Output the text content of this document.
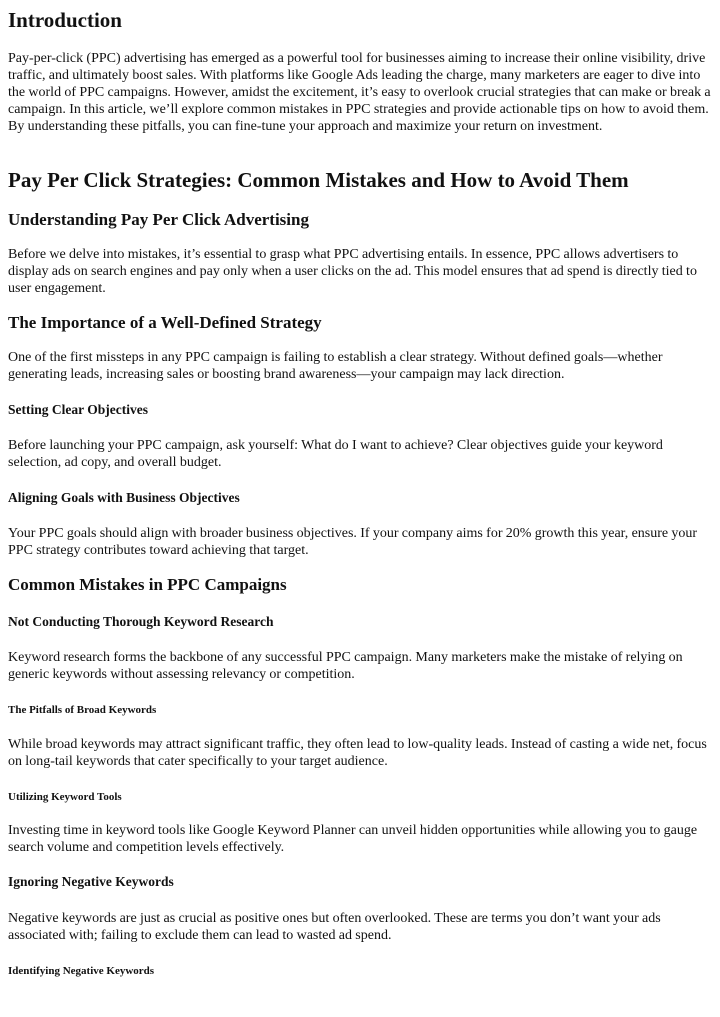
Introduction

Pay-per-click (PPC) advertising has emerged as a powerful tool for businesses aiming to increase their online visibility, drive traffic, and ultimately boost sales. With platforms like Google Ads leading the charge, many marketers are eager to dive into the world of PPC campaigns. However, amidst the excitement, it’s easy to overlook crucial strategies that can make or break a campaign. In this article, we’ll explore common mistakes in PPC strategies and provide actionable tips on how to avoid them. By understanding these pitfalls, you can fine-tune your approach and maximize your return on investment.

Pay Per Click Strategies: Common Mistakes and How to Avoid Them
Understanding Pay Per Click Advertising

Before we delve into mistakes, it’s essential to grasp what PPC advertising entails. In essence, PPC allows advertisers to display ads on search engines and pay only when a user clicks on the ad. This model ensures that ad spend is directly tied to user engagement.

The Importance of a Well-Defined Strategy

One of the first missteps in any PPC campaign is failing to establish a clear strategy. Without defined goals—whether generating leads, increasing sales or boosting brand awareness—your campaign may lack direction.

Setting Clear Objectives

Before launching your PPC campaign, ask yourself: What do I want to achieve? Clear objectives guide your keyword selection, ad copy, and overall budget.

Aligning Goals with Business Objectives

Your PPC goals should align with broader business objectives. If your company aims for 20% growth this year, ensure your PPC strategy contributes toward achieving that target.

Common Mistakes in PPC Campaigns
Not Conducting Thorough Keyword Research

Keyword research forms the backbone of any successful PPC campaign. Many marketers make the mistake of relying on generic keywords without assessing relevancy or competition.

The Pitfalls of Broad Keywords

While broad keywords may attract significant traffic, they often lead to low-quality leads. Instead of casting a wide net, focus on long-tail keywords that cater specifically to your target audience.

Utilizing Keyword Tools

Investing time in keyword tools like Google Keyword Planner can unveil hidden opportunities while allowing you to gauge search volume and competition levels effectively.

Ignoring Negative Keywords

Negative keywords are just as crucial as positive ones but often overlooked. These are terms you don’t want your ads associated with; failing to exclude them can lead to wasted ad spend.

Identifying Negative Keywords
